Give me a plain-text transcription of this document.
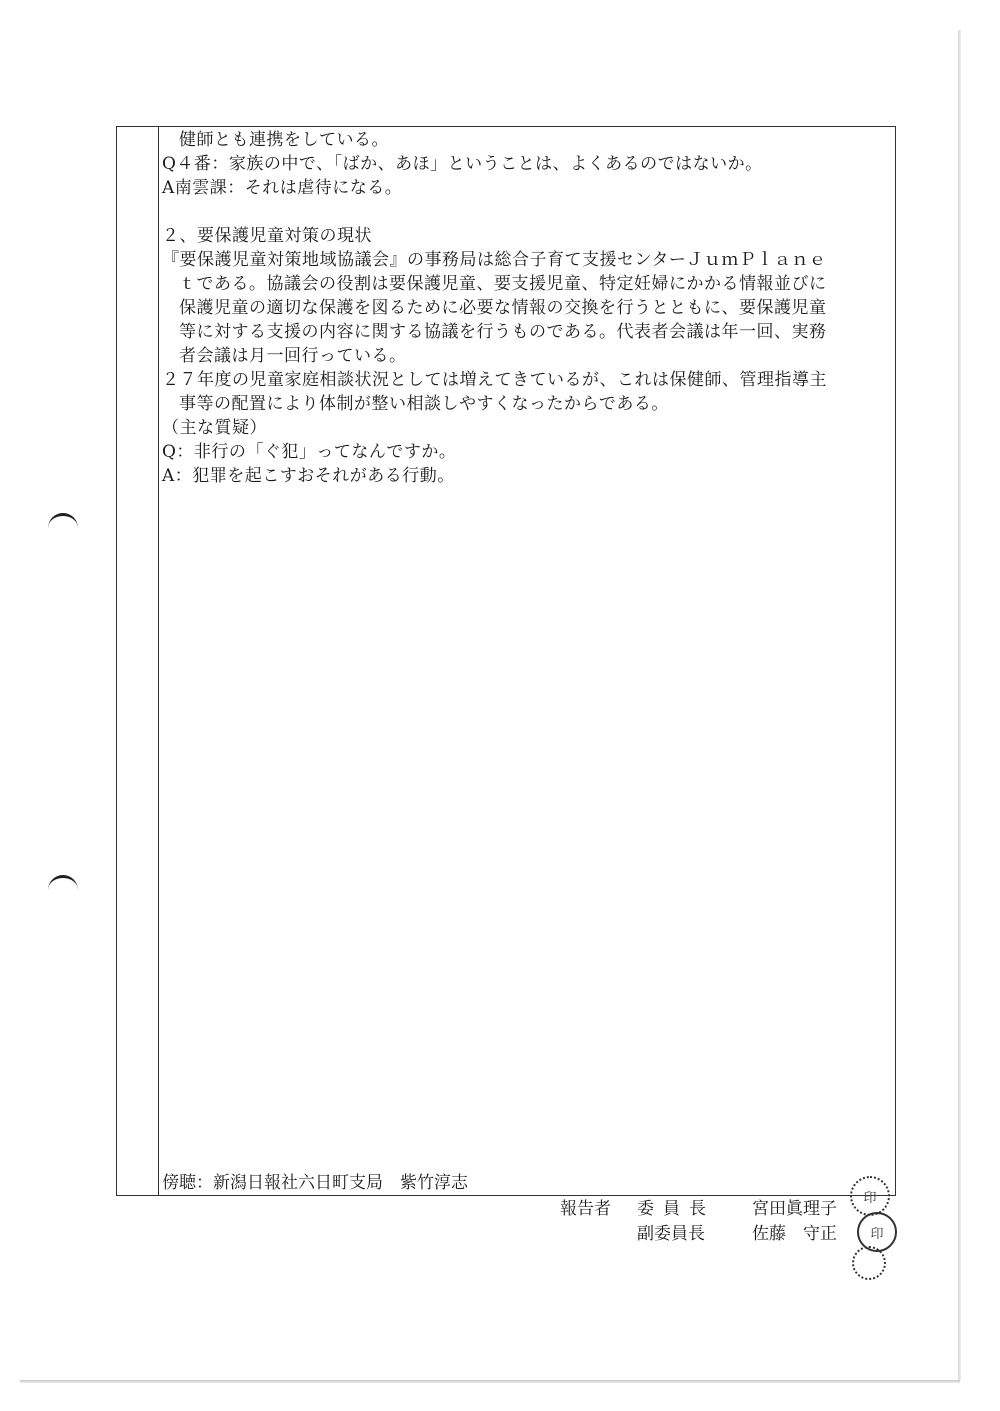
健師とも連携をしている。
Q４番：家族の中で、「ばか、あほ」ということは、よくあるのではないか。
A南雲課：それは虐待になる。
２、要保護児童対策の現状
『要保護児童対策地域協議会』の事務局は総合子育て支援センターＪｕｍＰｌａｎｅ
ｔである。協議会の役割は要保護児童、要支援児童、特定妊婦にかかる情報並びに
保護児童の適切な保護を図るために必要な情報の交換を行うとともに、要保護児童
等に対する支援の内容に関する協議を行うものである。代表者会議は年一回、実務
者会議は月一回行っている。
２７年度の児童家庭相談状況としては増えてきているが、これは保健師、管理指導主
事等の配置により体制が整い相談しやすくなったからである。
（主な質疑）
Q：非行の「ぐ犯」ってなんですか。
A：犯罪を起こすおそれがある行動。
傍聴：新潟日報社六日町支局　紫竹淳志
報告者 委員長 宮田眞理子
印
副委員長	佐藤　守正	印
